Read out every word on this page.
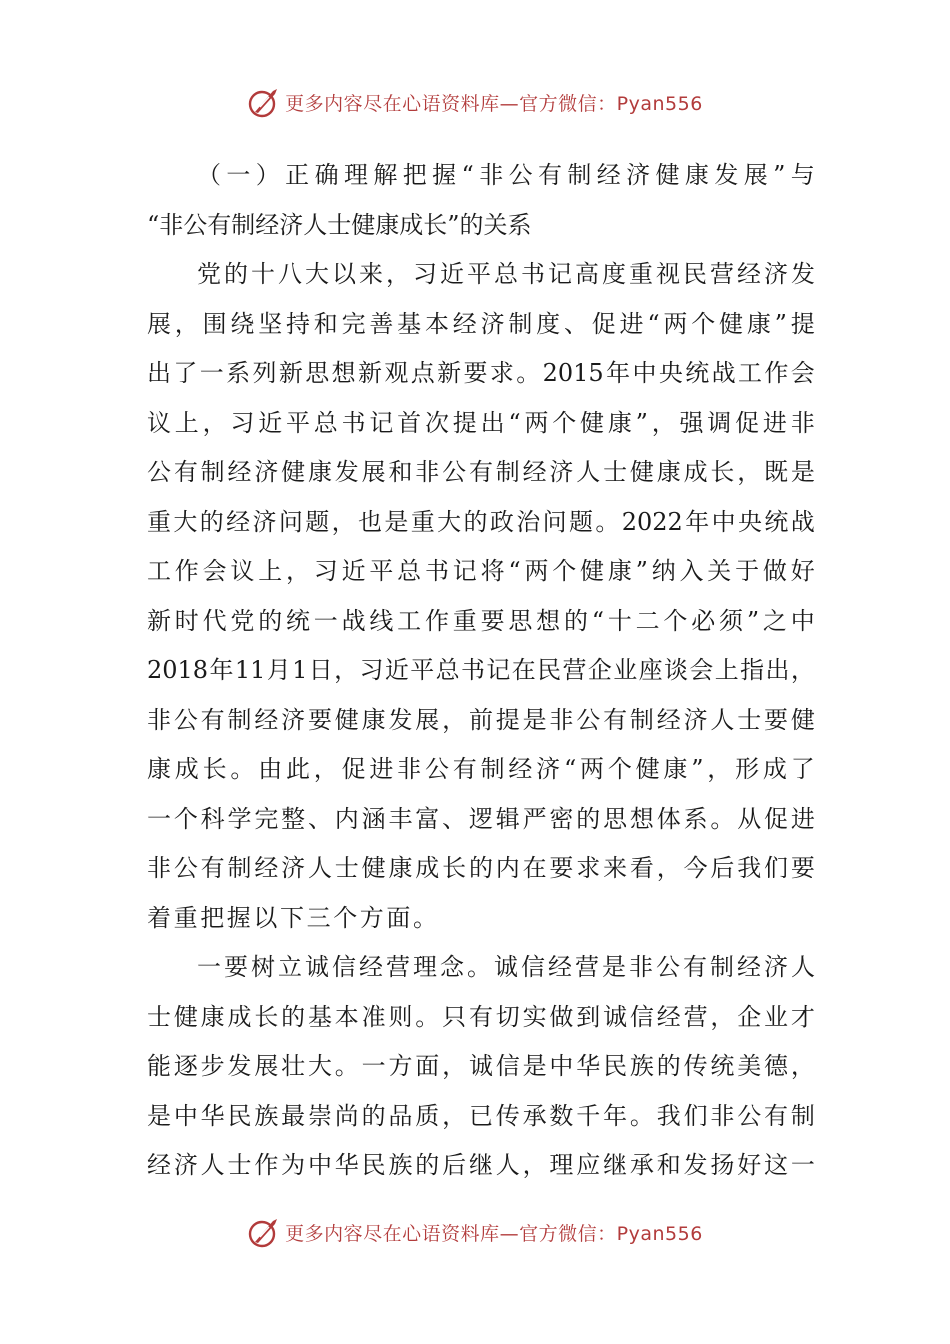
更多内容尽在心语资料库—官方微信：Pyan556
（ 一 ） 正 确 理 解 把 握 “ 非 公 有 制 经 济 健 康 发 展 ” 与
“非公有制经济人士健康成长”的关系
党 的 十 八 大 以 来 ， 习 近 平 总 书 记 高 度 重 视 民 营 经 济 发
展 ， 围 绕 坚 持 和 完 善 基 本 经 济 制 度 、 促 进 “ 两 个 健 康 ” 提
出 了 一 系 列 新 思 想 新 观 点 新 要 求 。 2015 年 中 央 统 战 工 作 会
议 上 ， 习 近 平 总 书 记 首 次 提 出 “ 两 个 健 康 ” ， 强 调 促 进 非
公 有 制 经 济 健 康 发 展 和 非 公 有 制 经 济 人 士 健 康 成 长 ， 既 是
重 大 的 经 济 问 题 ， 也 是 重 大 的 政 治 问 题 。 2022 年 中 央 统 战
工 作 会 议 上 ， 习 近 平 总 书 记 将 “ 两 个 健 康 ” 纳 入 关 于 做 好
新 时 代 党 的 统 一 战 线 工 作 重 要 思 想 的 “ 十 二 个 必 须 ” 之 中
2018 年 11 月 1 日 ， 习 近 平 总 书 记 在 民 营 企 业 座 谈 会 上 指 出 ，
非 公 有 制 经 济 要 健 康 发 展 ， 前 提 是 非 公 有 制 经 济 人 士 要 健
康 成 长 。 由 此 ， 促 进 非 公 有 制 经 济 “ 两 个 健 康 ” ， 形 成 了
一 个 科 学 完 整 、 内 涵 丰 富 、 逻 辑 严 密 的 思 想 体 系 。 从 促 进
非 公 有 制 经 济 人 士 健 康 成 长 的 内 在 要 求 来 看 ， 今 后 我 们 要
着重把握以下三个方面。
一 要 树 立 诚 信 经 营 理 念 。 诚 信 经 营 是 非 公 有 制 经 济 人
士 健 康 成 长 的 基 本 准 则 。 只 有 切 实 做 到 诚 信 经 营 ， 企 业 才
能 逐 步 发 展 壮 大 。 一 方 面 ， 诚 信 是 中 华 民 族 的 传 统 美 德 ，
是 中 华 民 族 最 崇 尚 的 品 质 ， 已 传 承 数 千 年 。 我 们 非 公 有 制
经 济 人 士 作 为 中 华 民 族 的 后 继 人 ， 理 应 继 承 和 发 扬 好 这 一
更多内容尽在心语资料库—官方微信：Pyan556
